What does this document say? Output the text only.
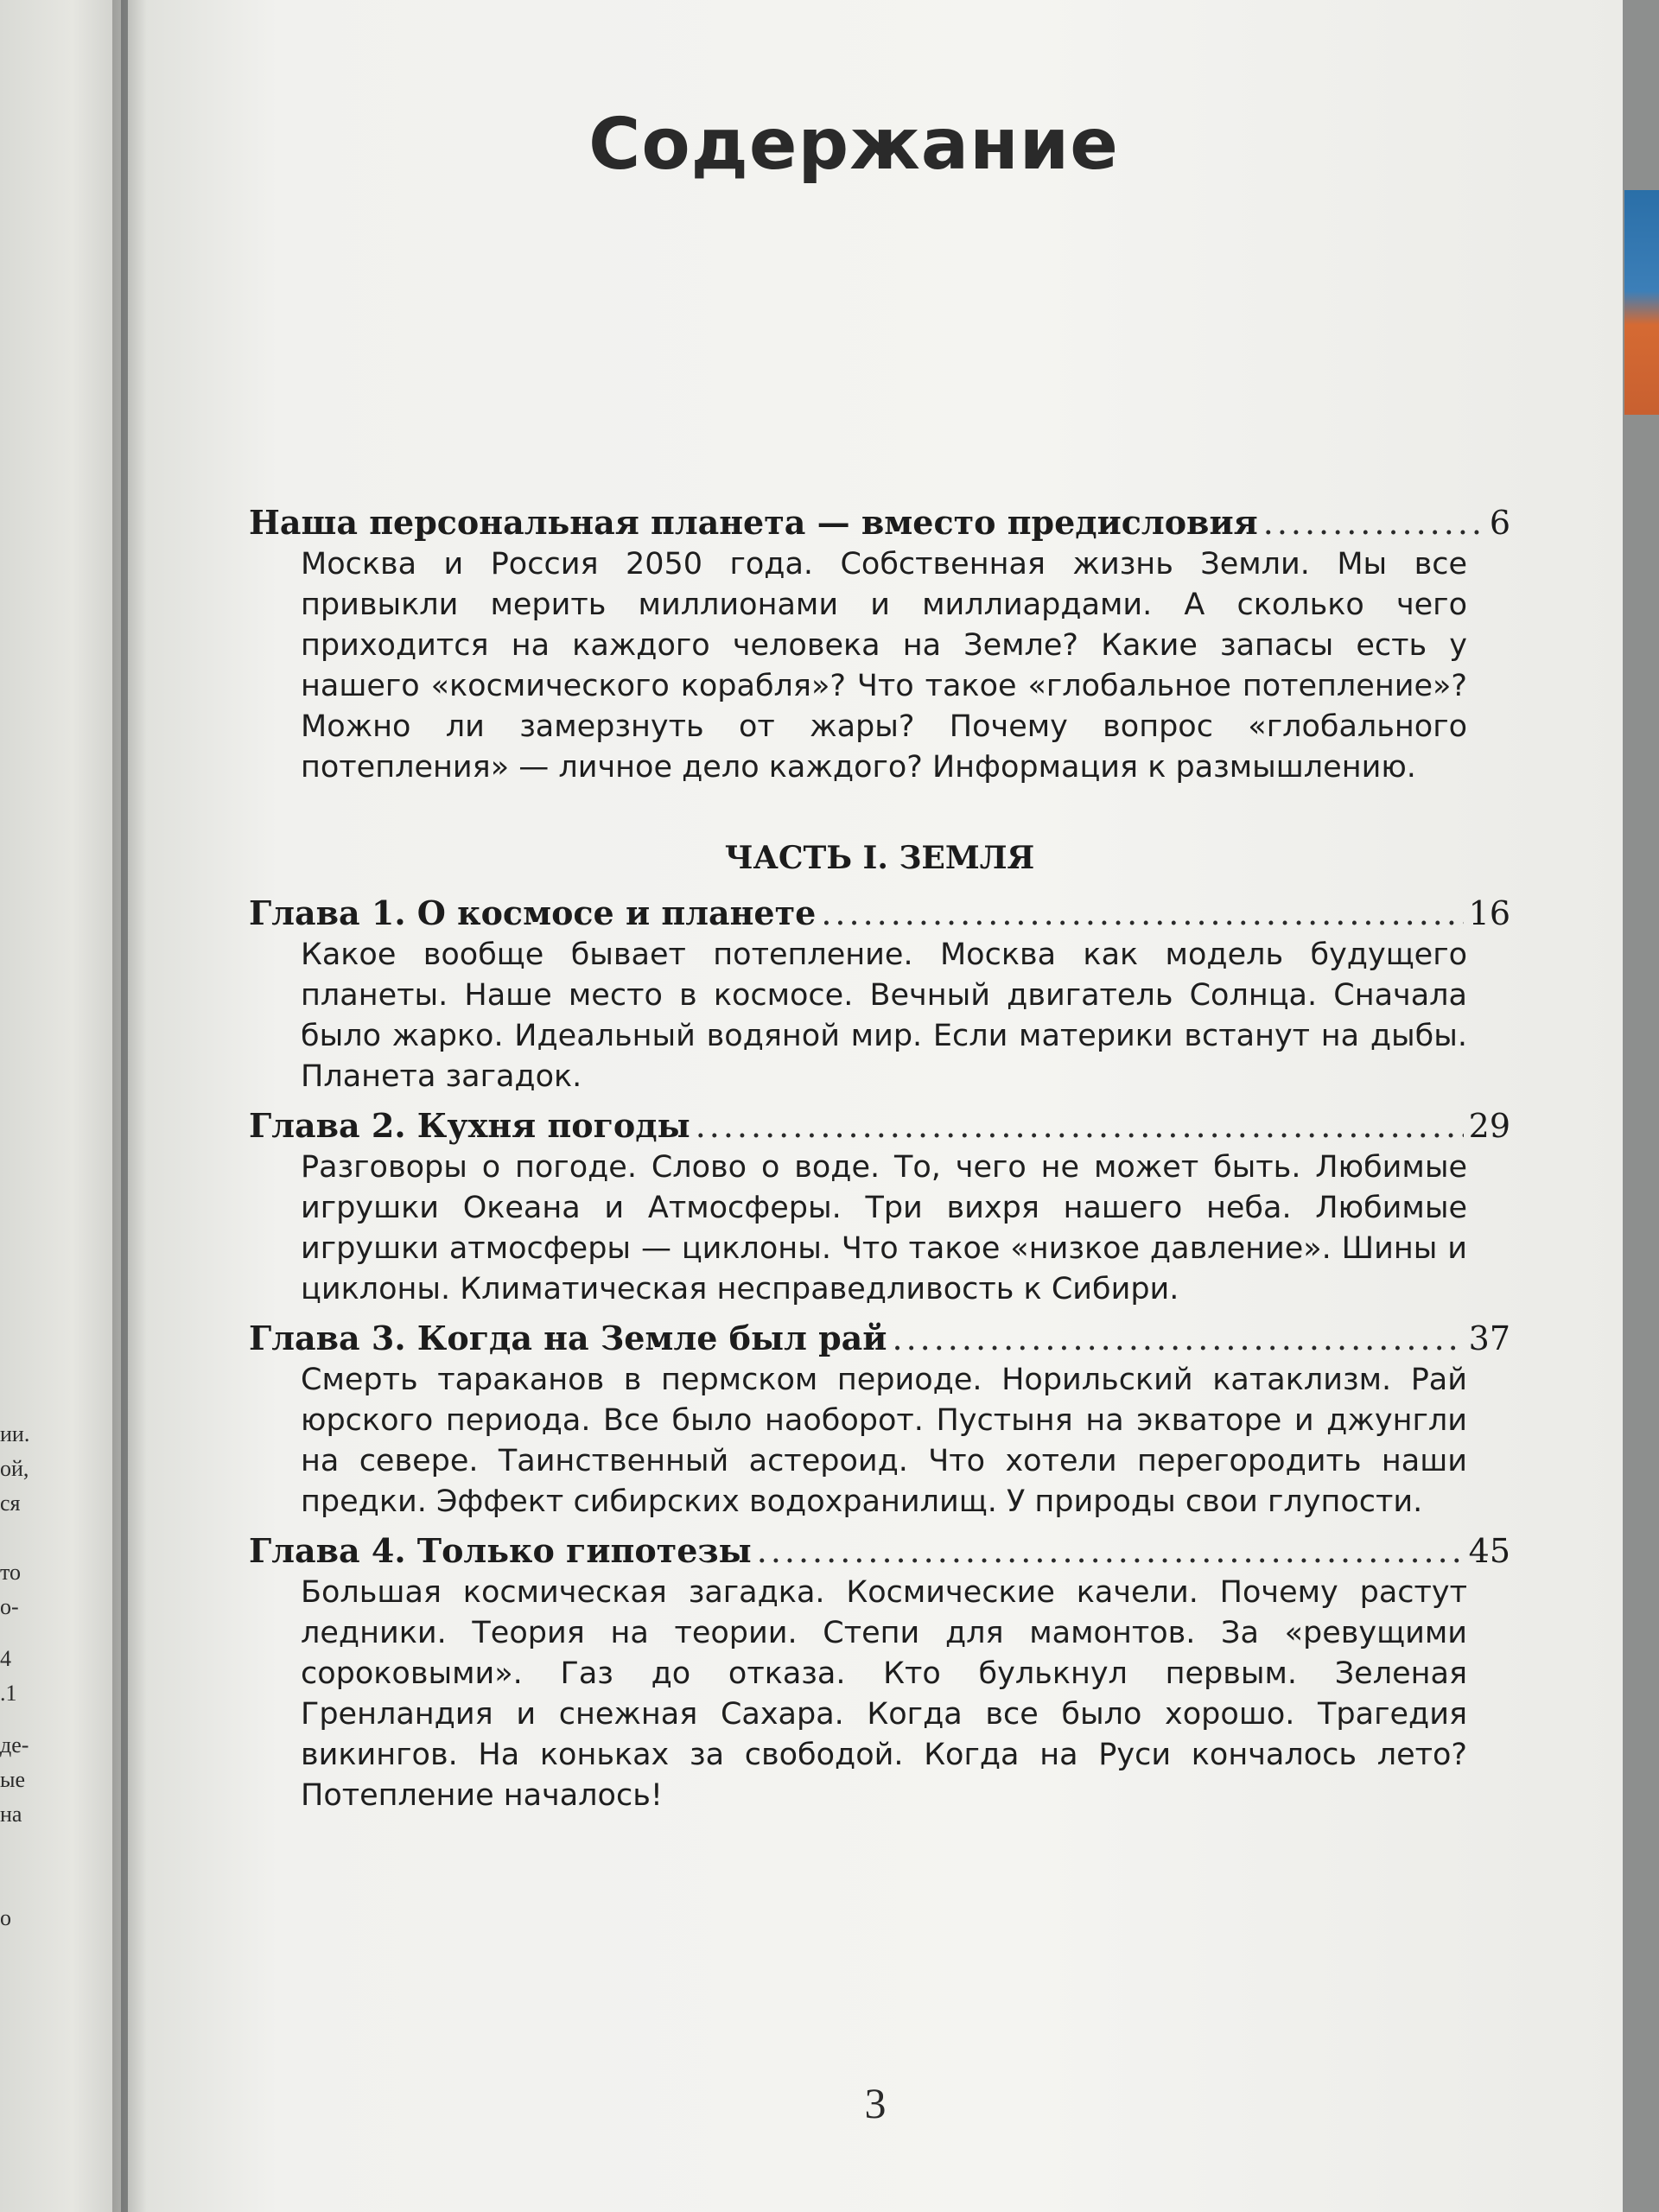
ии.
ой,
ся
то
о-
4
.1
де-
ые
на
о
Содержание
Наша персональная планета — вместо предисловия .....	6

Москва и Россия 2050 года. Собственная жизнь Земли. Мы все привыкли мерить миллионами и миллиардами. А сколько чего приходится на каждого человека на Земле? Какие запасы есть у нашего «космического корабля»? Что такое «глобальное потепление»? Можно ли замерзнуть от жары? Почему вопрос «глобального потепления» — личное дело каждого? Информация к размышлению.

ЧАСТЬ I. ЗЕМЛЯ
Глава 1. О космосе и планете .....	16

Какое вообще бывает потепление. Москва как модель будущего планеты. Наше место в космосе. Вечный двигатель Солнца. Сначала было жарко. Идеальный водяной мир. Если материки встанут на дыбы. Планета загадок.

Глава 2. Кухня погоды .....	29

Разговоры о погоде. Слово о воде. То, чего не может быть. Любимые игрушки Океана и Атмосферы. Три вихря нашего неба. Любимые игрушки атмосферы — циклоны. Что такое «низкое давление». Шины и циклоны. Климатическая несправедливость к Сибири.

Глава 3. Когда на Земле был рай .....	37

Смерть тараканов в пермском периоде. Норильский катаклизм. Рай юрского периода. Все было наоборот. Пустыня на экваторе и джунгли на севере. Таинственный астероид. Что хотели перегородить наши предки. Эффект сибирских водохранилищ. У природы свои глупости.

Глава 4. Только гипотезы .....	45

Большая космическая загадка. Космические качели. Почему растут ледники. Теория на теории. Степи для мамонтов. За «ревущими сороковыми». Газ до отказа. Кто булькнул первым. Зеленая Гренландия и снежная Сахара. Когда все было хорошо. Трагедия викингов. На коньках за свободой. Когда на Руси кончалось лето? Потепление началось!

3
